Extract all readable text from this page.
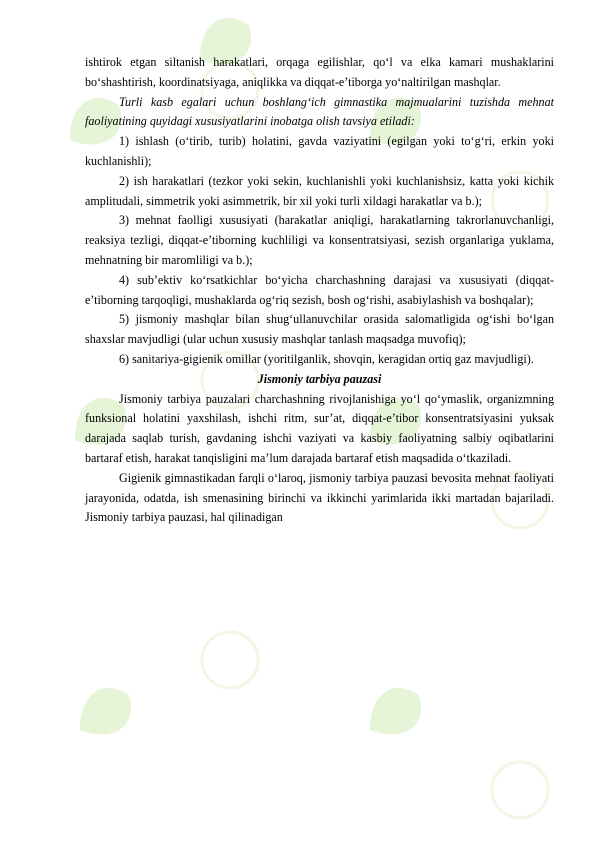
ishtirok etgan siltanish harakatlari, orqaga egilishlar, qo‘l va elka kamari mushaklarini bo‘shashtirish, koordinatsiyaga, aniqlikka va diqqat-e’tiborga yo‘naltirilgan mashqlar.

Turli kasb egalari uchun boshlang‘ich gimnastika majmualarini tuzishda mehnat faoliyatining quyidagi xususiyatlarini inobatga olish tavsiya etiladi:

1) ishlash (o‘tirib, turib) holatini, gavda vaziyatini (egilgan yoki to‘g‘ri, erkin yoki kuchlanishli);

2) ish harakatlari (tezkor yoki sekin, kuchlanishli yoki kuchlanishsiz, katta yoki kichik amplitudali, simmetrik yoki asimmetrik, bir xil yoki turli xildagi harakatlar va b.);

3) mehnat faolligi xususiyati (harakatlar aniqligi, harakatlarning takrorlanuvchanligi, reaksiya tezligi, diqqat-e’tiborning kuchliligi va konsentratsiyasi, sezish organlariga yuklama, mehnatning bir maromliligi va b.);

4) sub’ektiv ko‘rsatkichlar bo‘yicha charchashning darajasi va xususiyati (diqqat-e’tiborning tarqoqligi, mushaklarda og‘riq sezish, bosh og‘rishi, asabiylashish va boshqalar);

5) jismoniy mashqlar bilan shug‘ullanuvchilar orasida salomatligida og‘ishi bo‘lgan shaxslar mavjudligi (ular uchun xususiy mashqlar tanlash maqsadga muvofiq);

6) sanitariya-gigienik omillar (yoritilganlik, shovqin, keragidan ortiq gaz mavjudligi).

Jismoniy tarbiya pauzasi

Jismoniy tarbiya pauzalari charchashning rivojlanishiga yo‘l qo‘ymaslik, organizmning funksional holatini yaxshilash, ishchi ritm, sur’at, diqqat-e’tibor konsentratsiyasini yuksak darajada saqlab turish, gavdaning ishchi vaziyati va kasbiy faoliyatning salbiy oqibatlarini bartaraf etish, harakat tanqisligini ma’lum darajada bartaraf etish maqsadida o‘tkaziladi.

Gigienik gimnastikadan farqli o‘laroq, jismoniy tarbiya pauzasi bevosita mehnat faoliyati jarayonida, odatda, ish smenasining birinchi va ikkinchi yarimlarida ikki martadan bajariladi. Jismoniy tarbiya pauzasi, hal qilinadigan
